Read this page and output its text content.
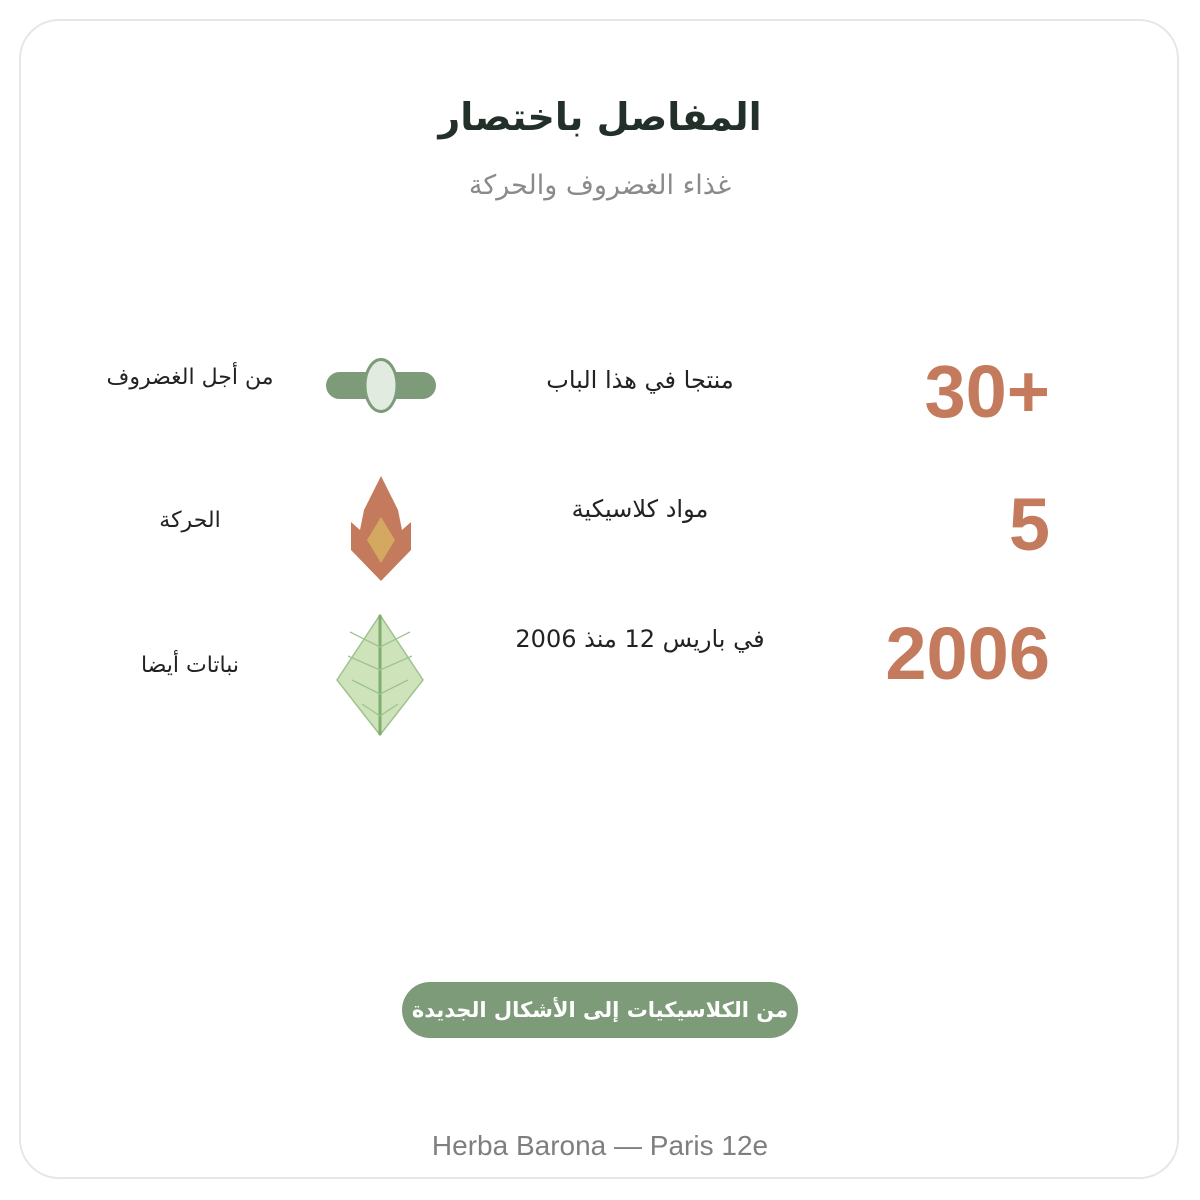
المفاصل باختصار
غذاء الغضروف والحركة
30+
منتجا في هذا الباب
5
مواد كلاسيكية
2006
في باريس 12 منذ 2006
من أجل الغضروف
الحركة
نباتات أيضا
من الكلاسيكيات إلى الأشكال الجديدة
Herba Barona — Paris 12e
